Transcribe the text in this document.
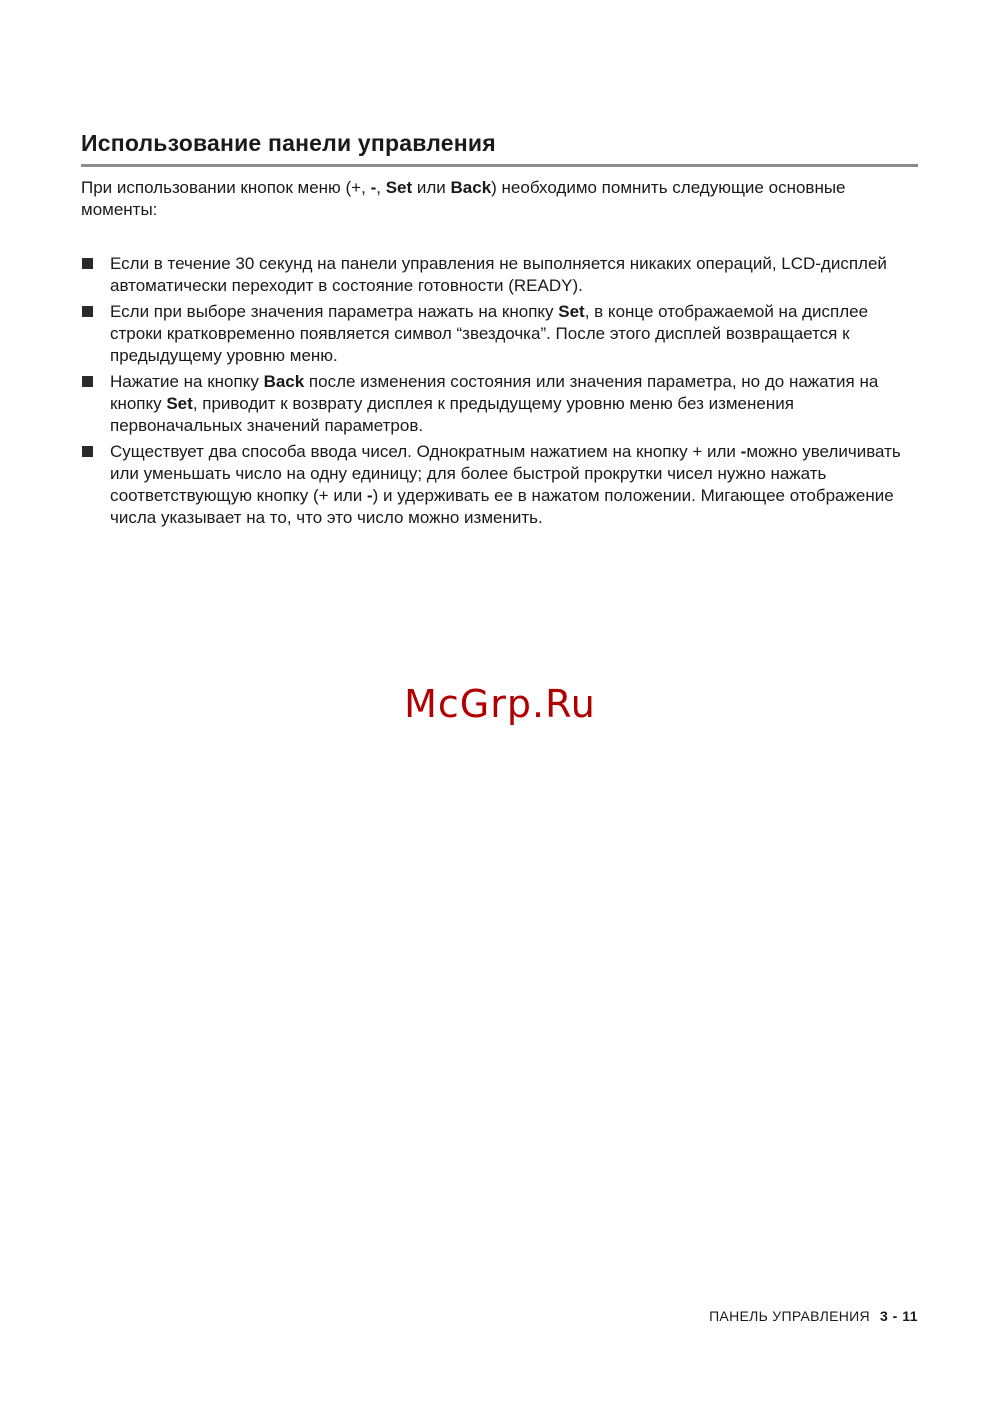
Использование панели управления

При использовании кнопок меню (+, -, Set или Back) необходимо помнить следующие основные моменты:

Если в течение 30 секунд на панели управления не выполняется никаких операций, LCD-дисплей автоматически переходит в состояние готовности (READY).
Если при выборе значения параметра нажать на кнопку Set, в конце отображаемой на дисплее строки кратковременно появляется символ “звездочка”. После этого дисплей возвращается к предыдущему уровню меню.
Нажатие на кнопку Back после изменения состояния или значения параметра, но до нажатия на кнопку Set, приводит к возврату дисплея к предыдущему уровню меню без изменения первоначальных значений параметров.
Существует два способа ввода чисел. Однократным нажатием на кнопку + или -можно увеличивать или уменьшать число на одну единицу; для более быстрой прокрутки чисел нужно нажать соответствующую кнопку (+ или -) и удерживать ее в нажатом положении. Мигающее отображение числа указывает на то, что это число можно изменить.
McGrp.Ru
ПАНЕЛЬ УПРАВЛЕНИЯ 3 - 11
